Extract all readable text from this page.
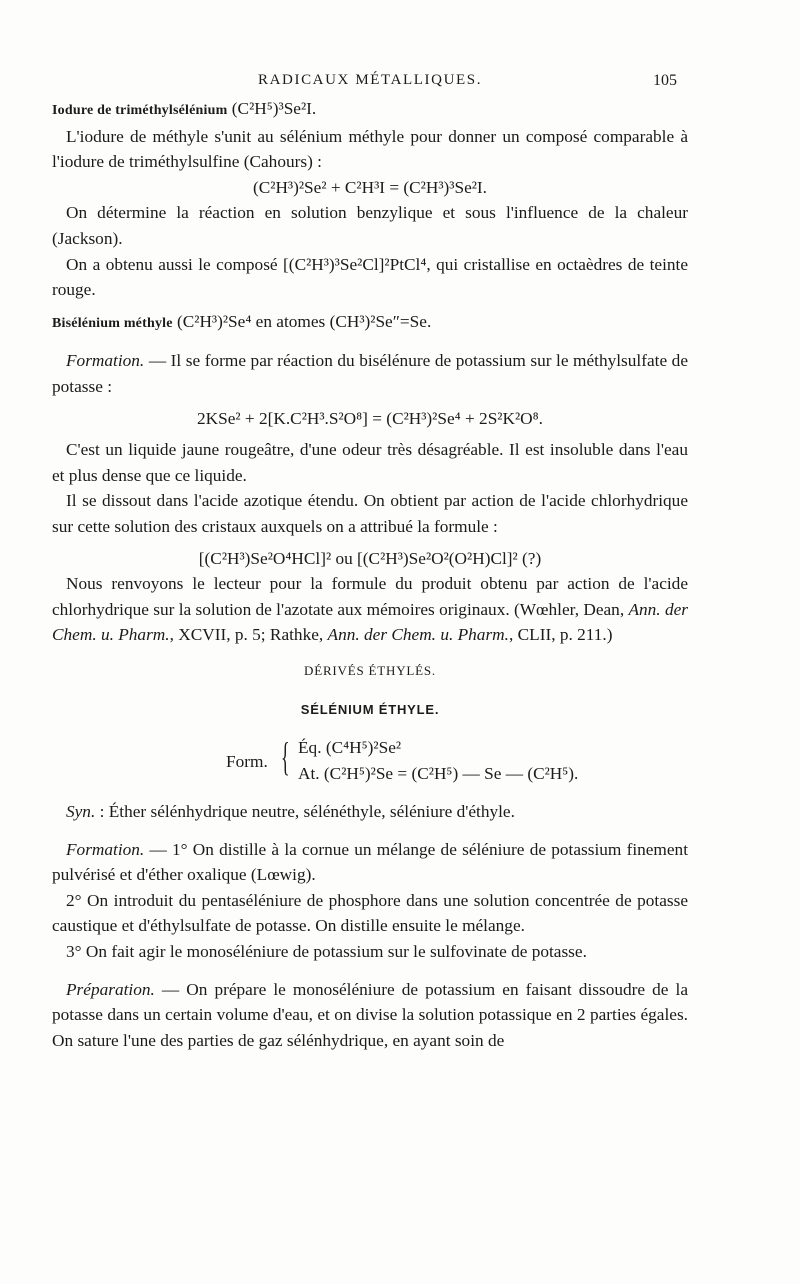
RADICAUX MÉTALLIQUES.	105

Iodure de triméthylsélénium (C²H⁵)³Se²I.

L'iodure de méthyle s'unit au sélénium méthyle pour donner un composé comparable à l'iodure de triméthylsulfine (Cahours) :

(C²H³)²Se² + C²H³I = (C²H³)³Se²I.

On détermine la réaction en solution benzylique et sous l'influence de la chaleur (Jackson).

On a obtenu aussi le composé [(C²H³)³Se²Cl]²PtCl⁴, qui cristallise en octaèdres de teinte rouge.

Bisélénium méthyle (C²H³)²Se⁴ en atomes (CH³)²Se″=Se.

Formation. — Il se forme par réaction du bisélénure de potassium sur le méthylsulfate de potasse :

2KSe² + 2[K.C²H³.S²O⁸] = (C²H³)²Se⁴ + 2S²K²O⁸.

C'est un liquide jaune rougeâtre, d'une odeur très désagréable. Il est insoluble dans l'eau et plus dense que ce liquide.

Il se dissout dans l'acide azotique étendu. On obtient par action de l'acide chlorhydrique sur cette solution des cristaux auxquels on a attribué la formule :

[(C²H³)Se²O⁴HCl]² ou [(C²H³)Se²O²(O²H)Cl]² (?)

Nous renvoyons le lecteur pour la formule du produit obtenu par action de l'acide chlorhydrique sur la solution de l'azotate aux mémoires originaux. (Wœhler, Dean, Ann. der Chem. u. Pharm., XCVII, p. 5; Rathke, Ann. der Chem. u. Pharm., CLII, p. 211.)

DÉRIVÉS ÉTHYLÉS.
SÉLÉNIUM ÉTHYLE.
Form. { Éq. (C⁴H⁵)²Se²
At. (C²H⁵)²Se = (C²H⁵) — Se — (C²H⁵).

Syn. : Éther sélénhydrique neutre, sélénéthyle, séléniure d'éthyle.

Formation. — 1° On distille à la cornue un mélange de séléniure de potassium finement pulvérisé et d'éther oxalique (Lœwig).

2° On introduit du pentaséléniure de phosphore dans une solution concentrée de potasse caustique et d'éthylsulfate de potasse. On distille ensuite le mélange.

3° On fait agir le monoséléniure de potassium sur le sulfovinate de potasse.

Préparation. — On prépare le monoséléniure de potassium en faisant dissoudre de la potasse dans un certain volume d'eau, et on divise la solution potassique en 2 parties égales. On sature l'une des parties de gaz sélénhydrique, en ayant soin de
